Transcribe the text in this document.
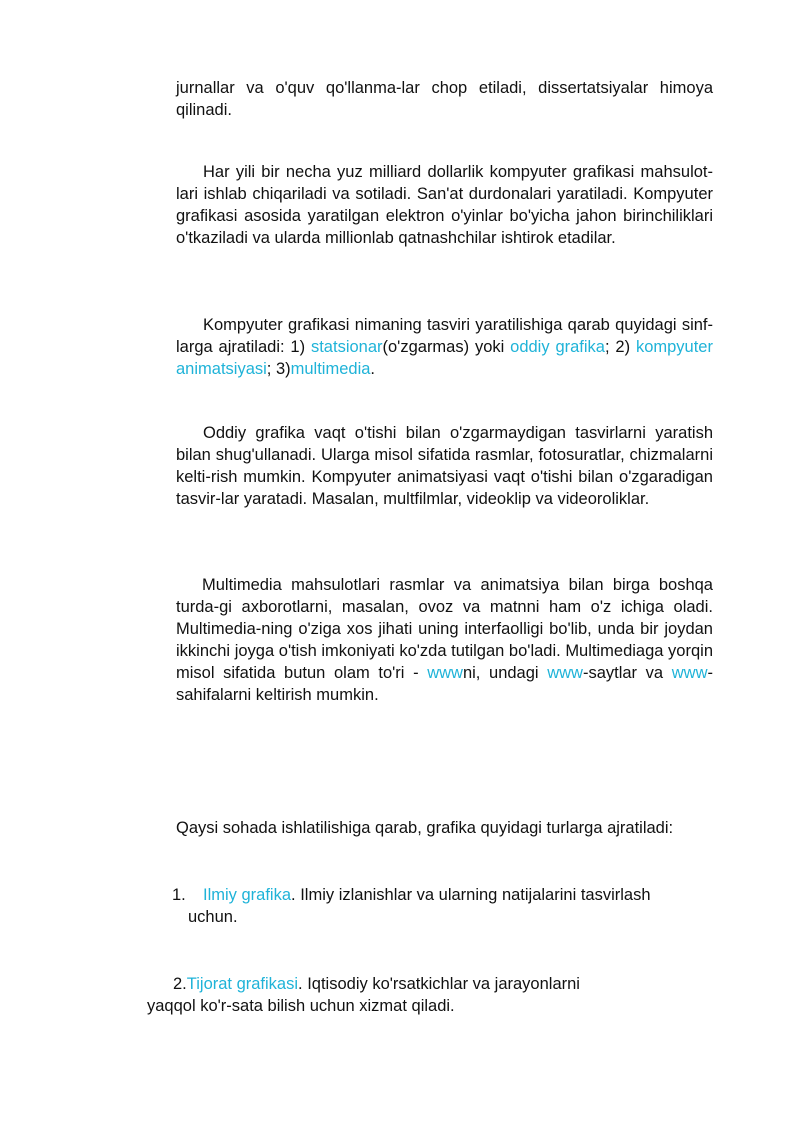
jurnallar va o'quv qo'llanma-lar chop etiladi, dissertatsiyalar himoya qilinadi.

Har yili bir necha yuz milliard dollarlik kompyuter grafikasi mahsulot-lari ishlab chiqariladi va sotiladi. San'at durdonalari yaratiladi. Kompyuter grafikasi asosida yaratilgan elektron o'yinlar bo'yicha jahon birinchiliklari o'tkaziladi va ularda millionlab qatnashchilar ishtirok etadilar.

Kompyuter grafikasi nimaning tasviri yaratilishiga qarab quyidagi sinf-larga ajratiladi: 1) statsionar(o'zgarmas) yoki oddiy grafika; 2) kompyuter animatsiyasi; 3)multimedia.

Oddiy grafika vaqt o'tishi bilan o'zgarmaydigan tasvirlarni yaratish bilan shug'ullanadi. Ularga misol sifatida rasmlar, fotosuratlar, chizmalarni kelti-rish mumkin. Kompyuter animatsiyasi vaqt o'tishi bilan o'zgaradigan tasvir-lar yaratadi. Masalan, multfilmlar, videoklip va videoroliklar.

Multimedia mahsulotlari rasmlar va animatsiya bilan birga boshqa turda-gi axborotlarni, masalan, ovoz va matnni ham o'z ichiga oladi. Multimedia-ning o'ziga xos jihati uning interfaolligi bo'lib, unda bir joydan ikkinchi joyga o'tish imkoniyati ko'zda tutilgan bo'ladi. Multimediaga yorqin misol sifatida butun olam to'ri - wwwni, undagi www-saytlar va www-sahifalarni keltirish mumkin.

Qaysi sohada ishlatilishiga qarab, grafika quyidagi turlarga ajratiladi:

1. Ilmiy grafika. Ilmiy izlanishlar va ularning natijalarini tasvirlash
uchun.

2.Tijorat grafikasi. Iqtisodiy ko'rsatkichlar va jarayonlarni
yaqqol ko'r-sata bilish uchun xizmat qiladi.
